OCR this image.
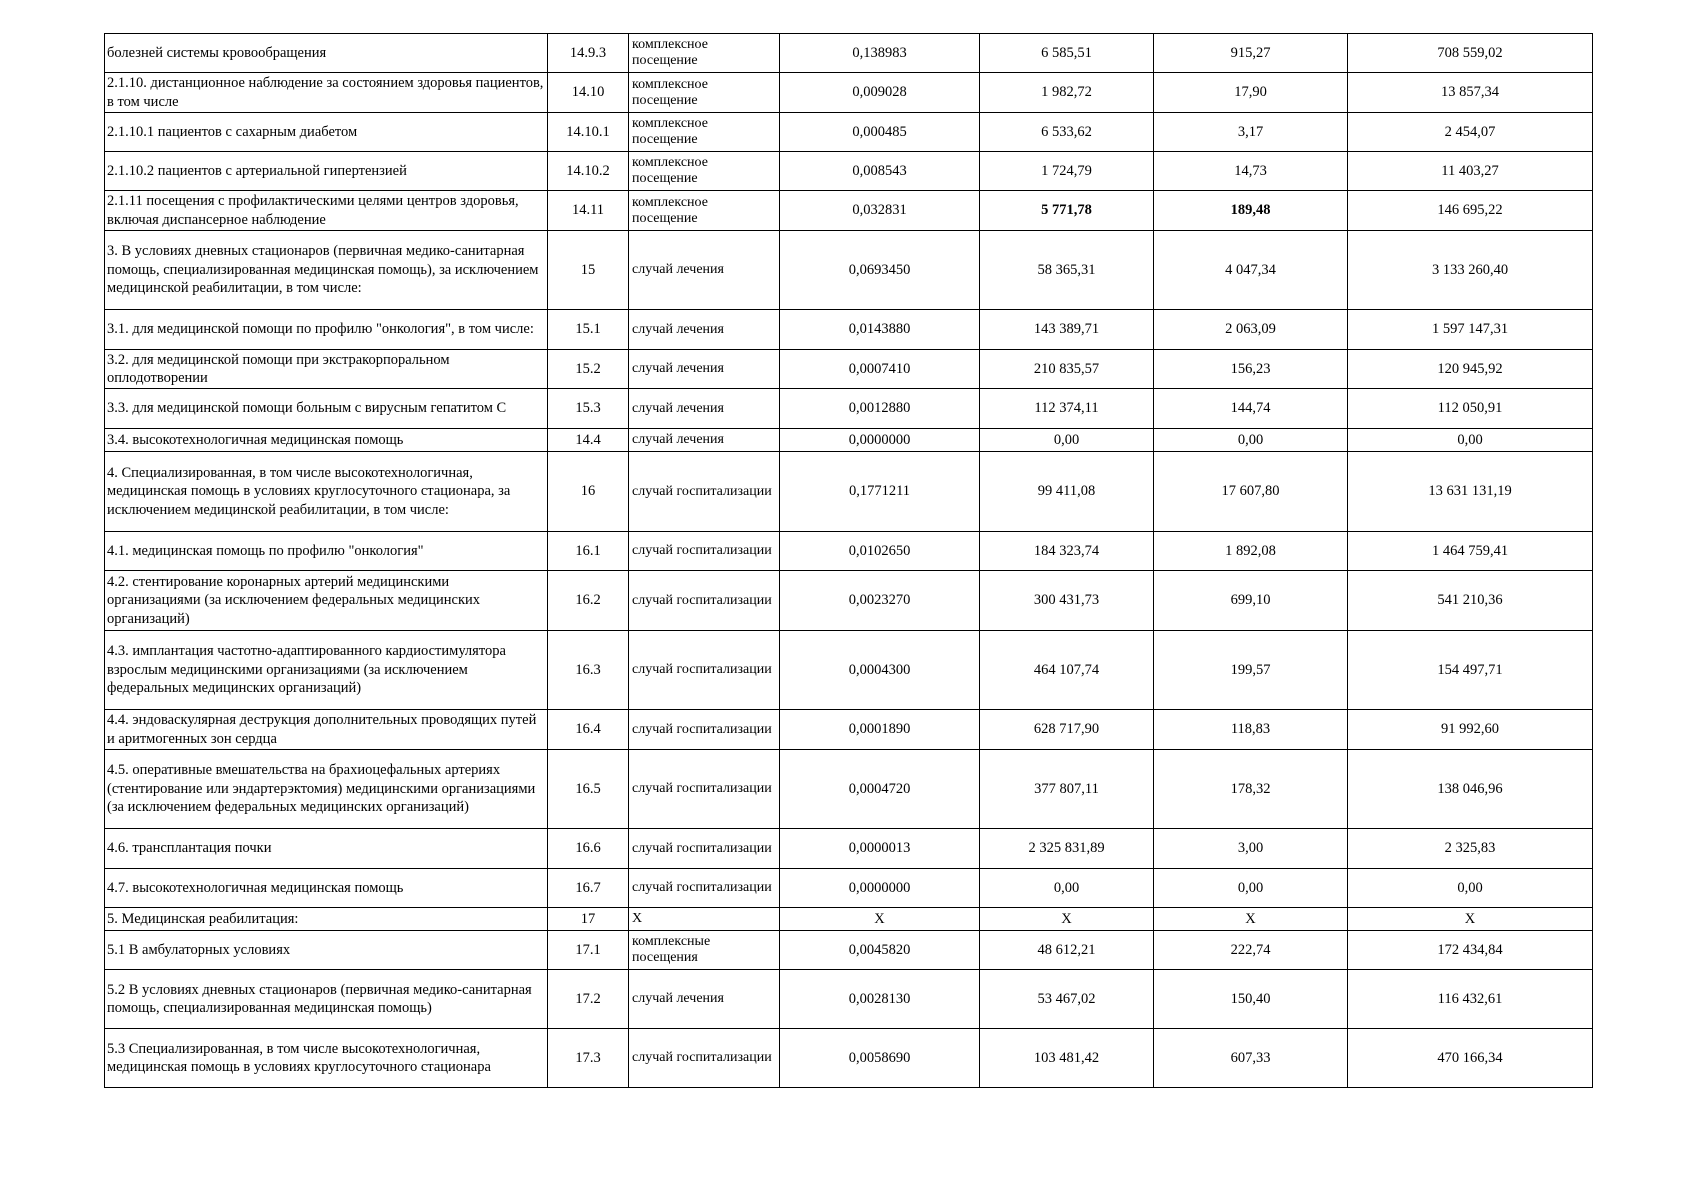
болезней системы кровообращения	14.9.3	комплексное посещение	0,138983	6 585,51	915,27	708 559,02
2.1.10. дистанционное наблюдение за состоянием здоровья пациентов, в том числе	14.10	комплексное посещение	0,009028	1 982,72	17,90	13 857,34
2.1.10.1 пациентов с сахарным диабетом	14.10.1	комплексное посещение	0,000485	6 533,62	3,17	2 454,07
2.1.10.2 пациентов с артериальной гипертензией	14.10.2	комплексное посещение	0,008543	1 724,79	14,73	11 403,27
2.1.11 посещения с профилактическими целями центров здоровья, включая диспансерное наблюдение	14.11	комплексное посещение	0,032831	5 771,78	189,48	146 695,22
3. В условиях дневных стационаров (первичная медико-санитарная помощь, специализированная медицинская помощь), за исключением медицинской реабилитации, в том числе:	15	случай лечения	0,0693450	58 365,31	4 047,34	3 133 260,40
3.1. для медицинской помощи по профилю "онкология", в том числе:	15.1	случай лечения	0,0143880	143 389,71	2 063,09	1 597 147,31
3.2. для медицинской помощи при экстракорпоральном оплодотворении	15.2	случай лечения	0,0007410	210 835,57	156,23	120 945,92
3.3. для медицинской помощи больным с вирусным гепатитом С	15.3	случай лечения	0,0012880	112 374,11	144,74	112 050,91
3.4. высокотехнологичная медицинская помощь	14.4	случай лечения	0,0000000	0,00	0,00	0,00
4. Специализированная, в том числе высокотехнологичная, медицинская помощь в условиях круглосуточного стационара, за исключением медицинской реабилитации, в том числе:	16	случай госпитализации	0,1771211	99 411,08	17 607,80	13 631 131,19
4.1. медицинская помощь по профилю "онкология"	16.1	случай госпитализации	0,0102650	184 323,74	1 892,08	1 464 759,41
4.2. стентирование коронарных артерий медицинскими организациями (за исключением федеральных медицинских организаций)	16.2	случай госпитализации	0,0023270	300 431,73	699,10	541 210,36
4.3. имплантация частотно-адаптированного кардиостимулятора взрослым медицинскими организациями (за исключением федеральных медицинских организаций)	16.3	случай госпитализации	0,0004300	464 107,74	199,57	154 497,71
4.4. эндоваскулярная деструкция дополнительных проводящих путей и аритмогенных зон сердца	16.4	случай госпитализации	0,0001890	628 717,90	118,83	91 992,60
4.5. оперативные вмешательства на брахиоцефальных артериях (стентирование или эндартерэктомия) медицинскими организациями (за исключением федеральных медицинских организаций)	16.5	случай госпитализации	0,0004720	377 807,11	178,32	138 046,96
4.6. трансплантация почки	16.6	случай госпитализации	0,0000013	2 325 831,89	3,00	2 325,83
4.7. высокотехнологичная медицинская помощь	16.7	случай госпитализации	0,0000000	0,00	0,00	0,00
5. Медицинская реабилитация:	17	Х	Х	Х	Х	Х
5.1 В амбулаторных условиях	17.1	комплексные посещения	0,0045820	48 612,21	222,74	172 434,84
5.2 В условиях дневных стационаров (первичная медико-санитарная помощь, специализированная медицинская помощь)	17.2	случай лечения	0,0028130	53 467,02	150,40	116 432,61
5.3 Специализированная, в том числе высокотехнологичная, медицинская помощь в условиях круглосуточного стационара	17.3	случай госпитализации	0,0058690	103 481,42	607,33	470 166,34
